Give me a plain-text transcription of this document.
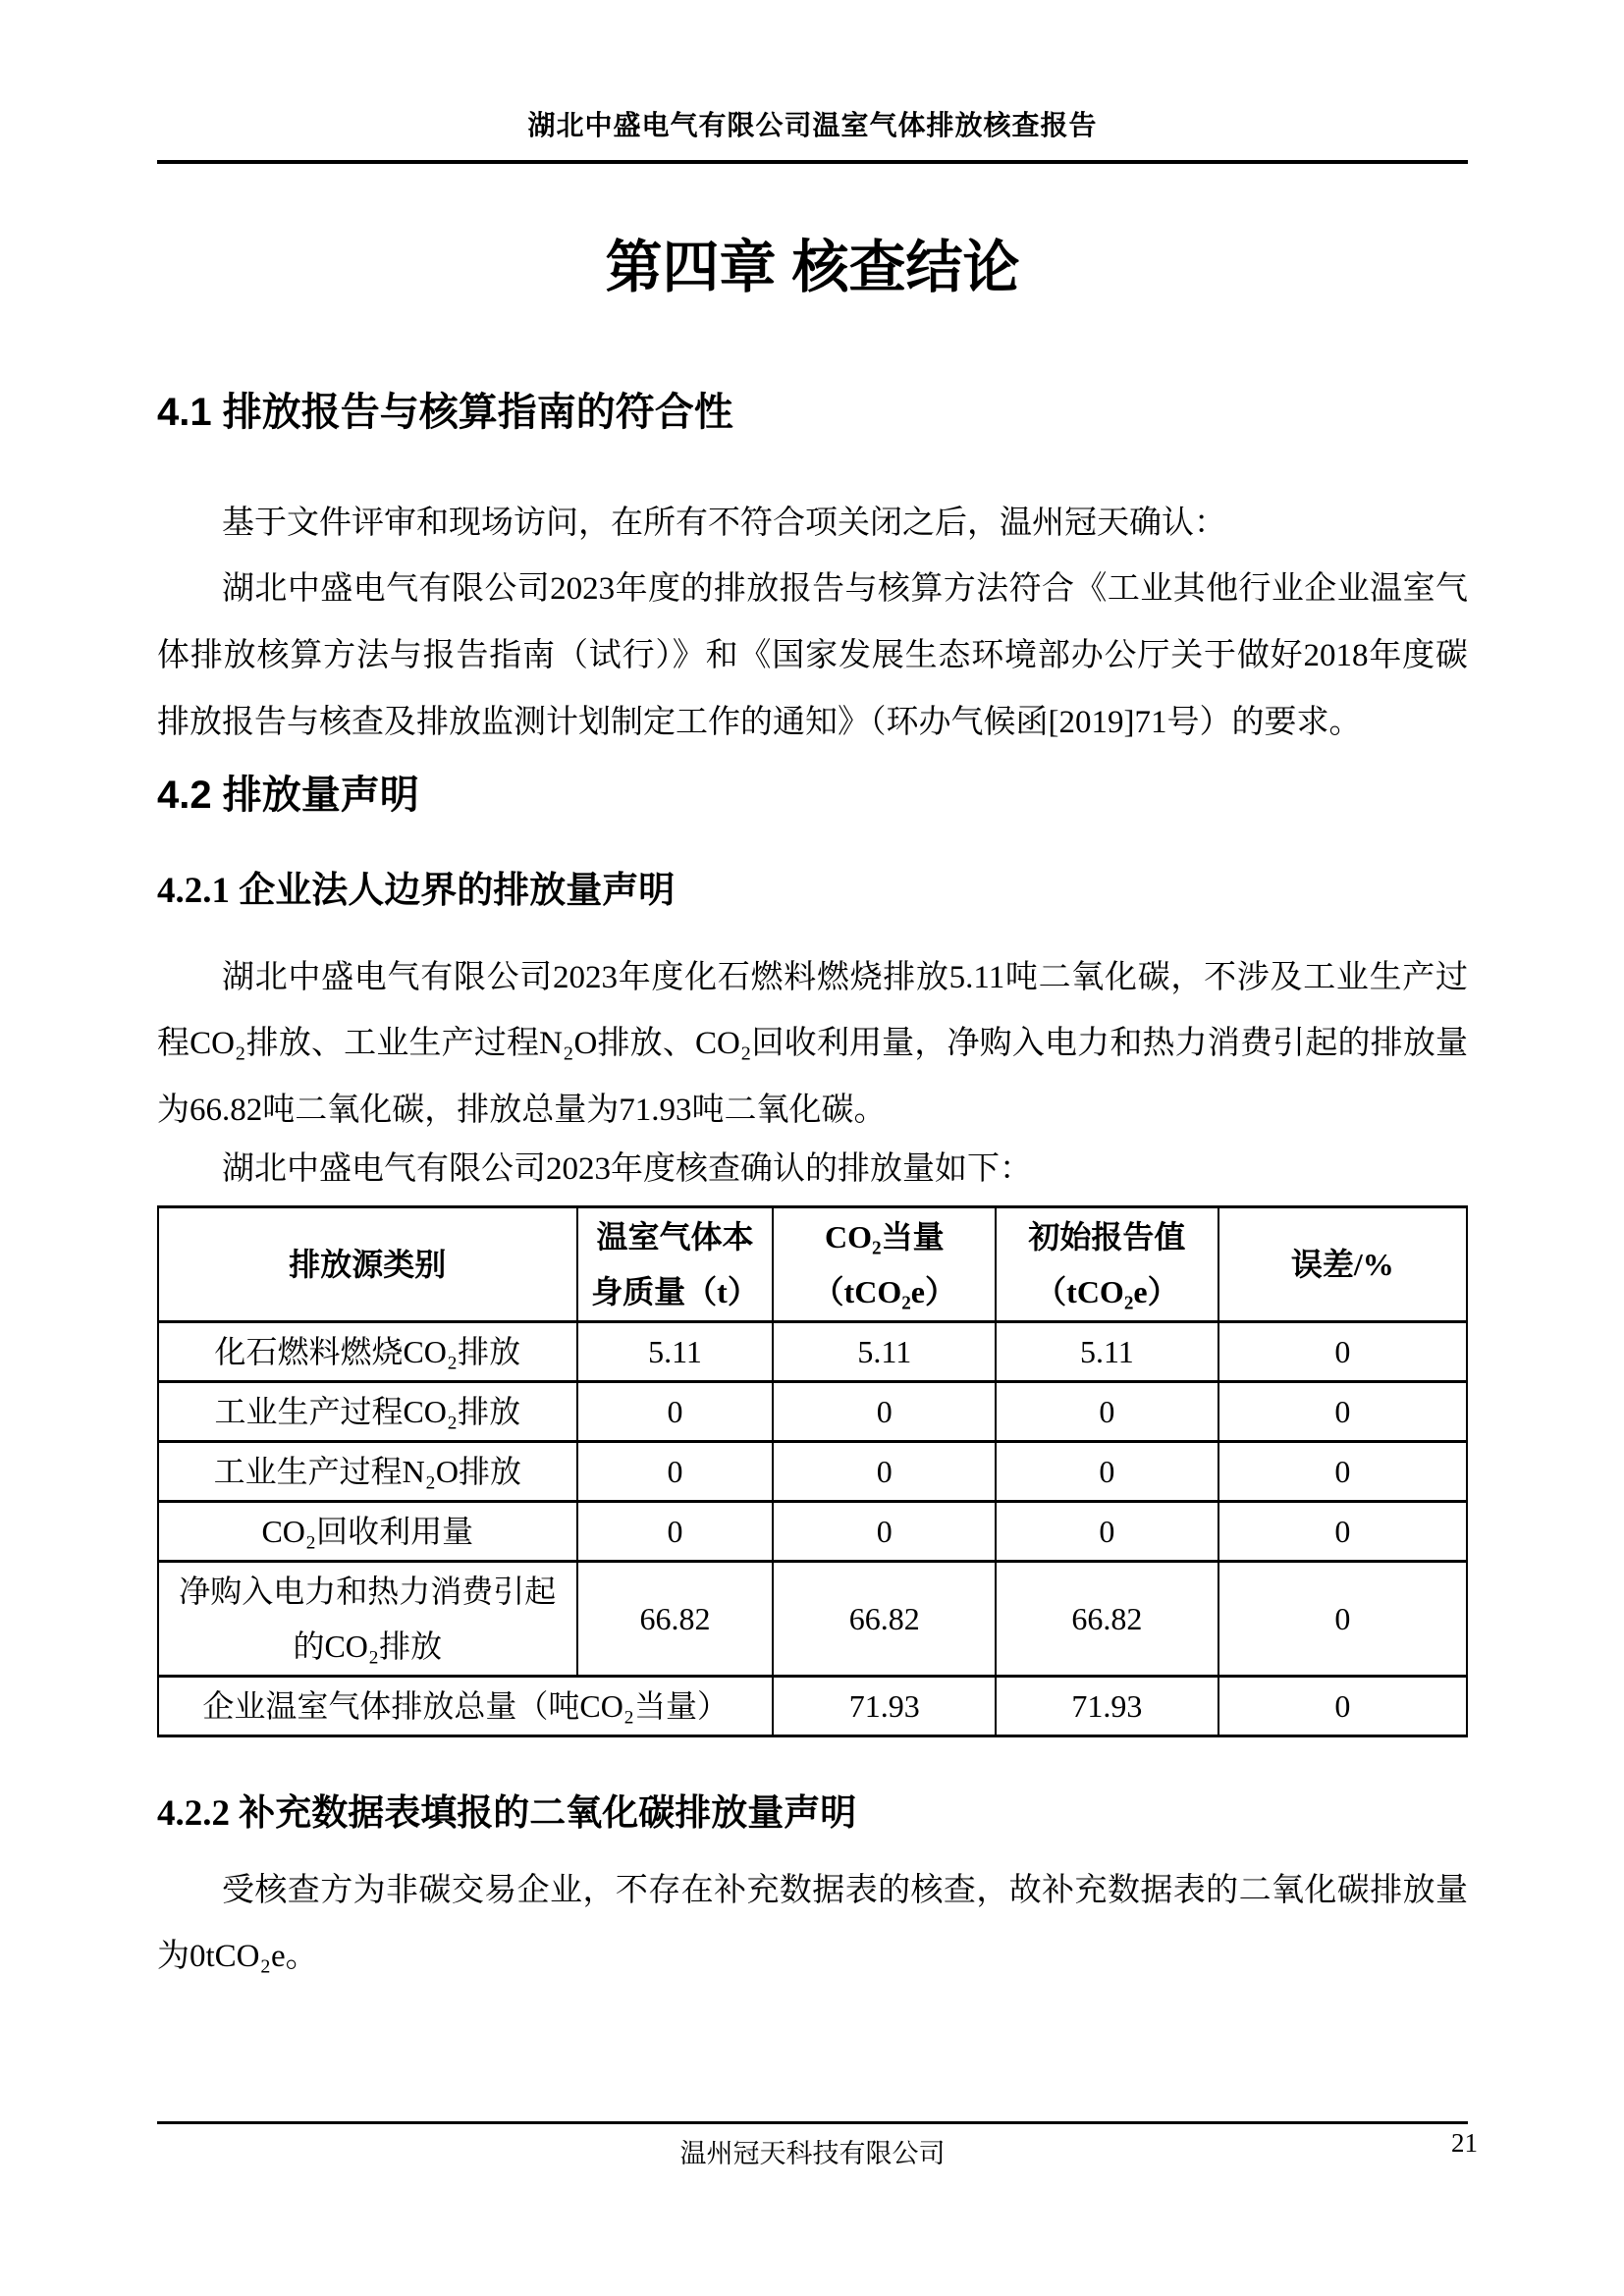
湖北中盛电气有限公司温室气体排放核查报告
第四章 核查结论
4.1 排放报告与核算指南的符合性

基于文件评审和现场访问，在所有不符合项关闭之后，温州冠天确认：

湖北中盛电气有限公司2023年度的排放报告与核算方法符合《工业其他行业企业温室气体排放核算方法与报告指南（试行）》和《国家发展生态环境部办公厅关于做好2018年度碳排放报告与核查及排放监测计划制定工作的通知》（环办气候函[2019]71号）的要求。

4.2 排放量声明
4.2.1 企业法人边界的排放量声明

湖北中盛电气有限公司2023年度化石燃料燃烧排放5.11吨二氧化碳，不涉及工业生产过程CO₂排放、工业生产过程N₂O排放、CO₂回收利用量，净购入电力和热力消费引起的排放量为66.82吨二氧化碳，排放总量为71.93吨二氧化碳。

湖北中盛电气有限公司2023年度核查确认的排放量如下：

排放源类别	温室气体本身质量（t）	CO₂当量（tCO₂e）	初始报告值（tCO₂e）	误差/%
化石燃料燃烧CO₂排放	5.11	5.11	5.11	0
工业生产过程CO₂排放	0	0	0	0
工业生产过程N₂O排放	0	0	0	0
CO₂回收利用量	0	0	0	0
净购入电力和热力消费引起的CO₂排放	66.82	66.82	66.82	0
企业温室气体排放总量（吨CO₂当量）		71.93	71.93	0
4.2.2 补充数据表填报的二氧化碳排放量声明

受核查方为非碳交易企业，不存在补充数据表的核查，故补充数据表的二氧化碳排放量为0tCO₂e。

温州冠天科技有限公司	21
